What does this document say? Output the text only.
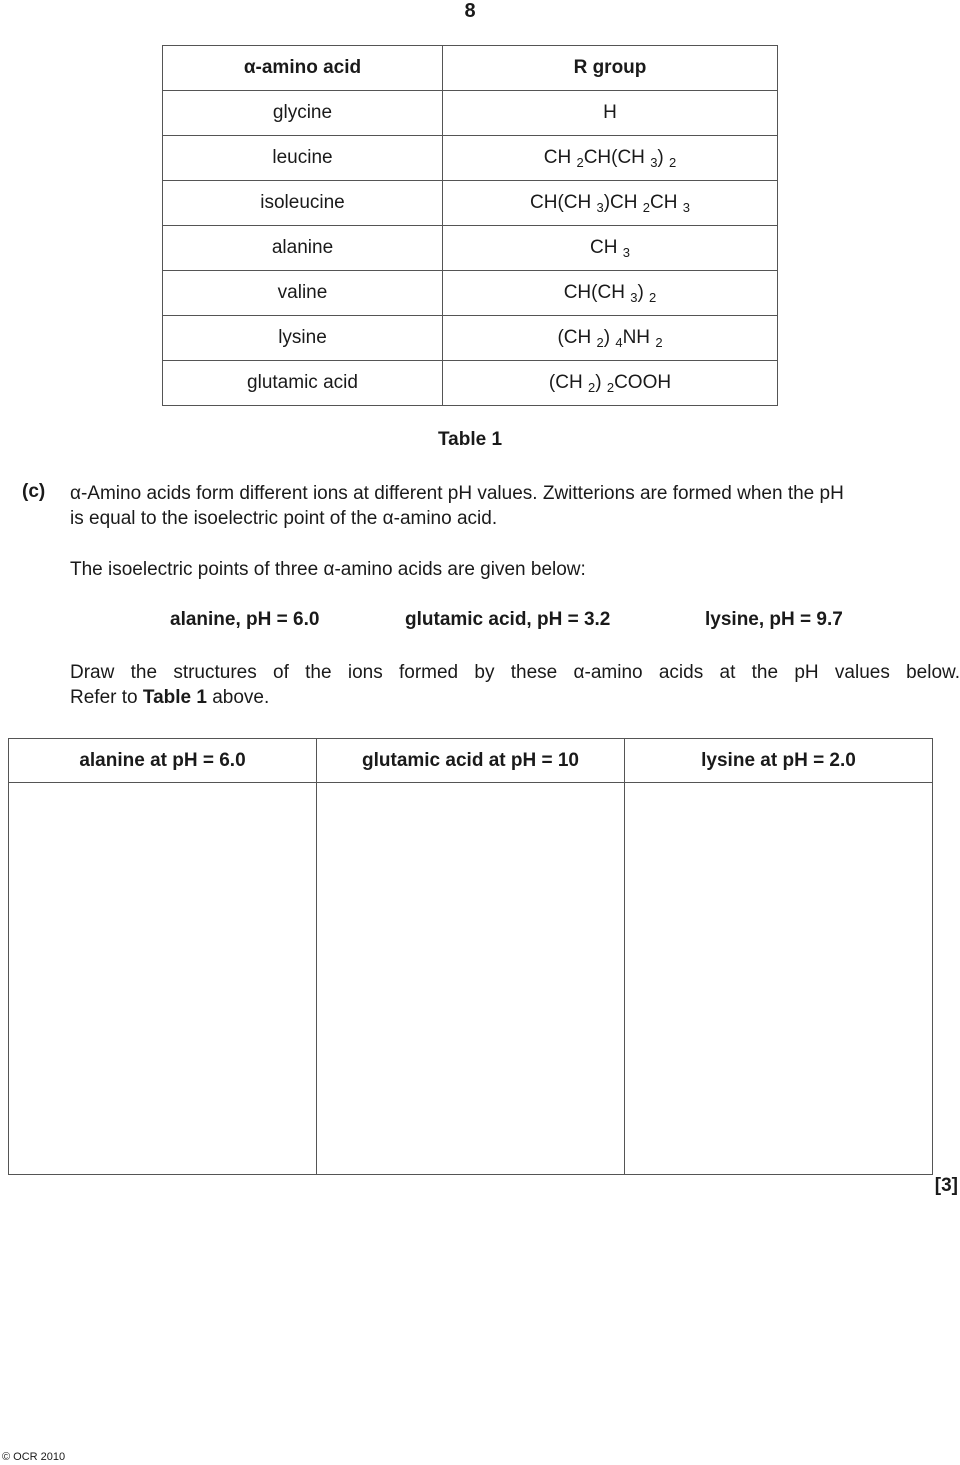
8
α-amino acid	R group
glycine	H
leucine	CH $_2$CH(CH $_3$) $_2$
isoleucine	CH(CH $_3$)CH $_2$CH $_3$
alanine	CH $_3$
valine	CH(CH $_3$) $_2$
lysine	(CH $_2$) $_4$NH $_2$
glutamic acid	(CH $_2$) $_2$COOH
Table 1
(c) α-Amino acids form different ions at different pH values. Zwitterions are formed when the pH
is equal to the isoelectric point of the α-amino acid.
The isoelectric points of three α-amino acids are given below:
alanine, pH = 6.0	glutamic acid, pH = 3.2	lysine, pH = 9.7
Draw the structures of the ions formed by these α-amino acids at the pH values below.
Refer to Table 1 above.
alanine at pH = 6.0	glutamic acid at pH = 10	lysine at pH = 2.0

[3]
© OCR 2010
